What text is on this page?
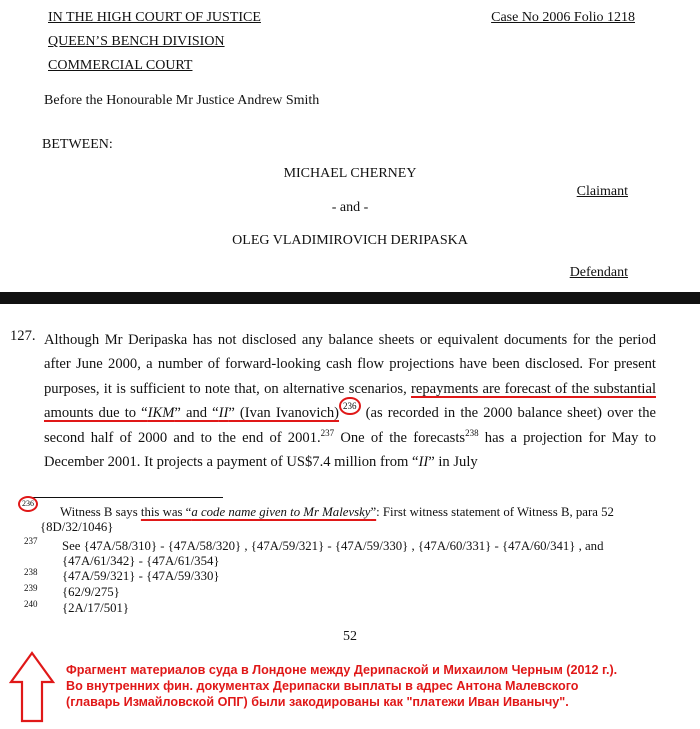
IN THE HIGH COURT OF JUSTICE
QUEEN’S BENCH DIVISION
COMMERCIAL COURT
Case No 2006 Folio 1218
Before the Honourable Mr Justice Andrew Smith
BETWEEN:
MICHAEL CHERNEY
Claimant
- and -
OLEG VLADIMIROVICH DERIPASKA
Defendant
127. Although Mr Deripaska has not disclosed any balance sheets or equivalent documents for the period after June 2000, a number of forward-looking cash flow projections have been disclosed. For present purposes, it is sufficient to note that, on alternative scenarios, repayments are forecast of the substantial amounts due to “IKM” and “II” (Ivan Ivanovich) 236 (as recorded in the 2000 balance sheet) over the second half of 2000 and to the end of 2001.$^{237}$ One of the forecasts$^{238}$ has a projection for May to December 2001. It projects a payment of US$7.4 million from “II” in July
236
Witness B says this was “a code name given to Mr Malevsky”: First witness statement of Witness B, para 52
{8D/32/1046}
237 See {47A/58/310} - {47A/58/320} , {47A/59/321} - {47A/59/330} , {47A/60/331} - {47A/60/341} , and {47A/61/342} - {47A/61/354}
238 {47A/59/321} - {47A/59/330}
239 {62/9/275}
240 {2A/17/501}
52
Фрагмент материалов суда в Лондоне между Дерипаской и Михаилом Черным (2012 г.).
Во внутренних фин. документах Дерипаски выплаты в адрес Антона Малевского
(главарь Измайловской ОПГ) были закодированы как "платежи Иван Иванычу".
